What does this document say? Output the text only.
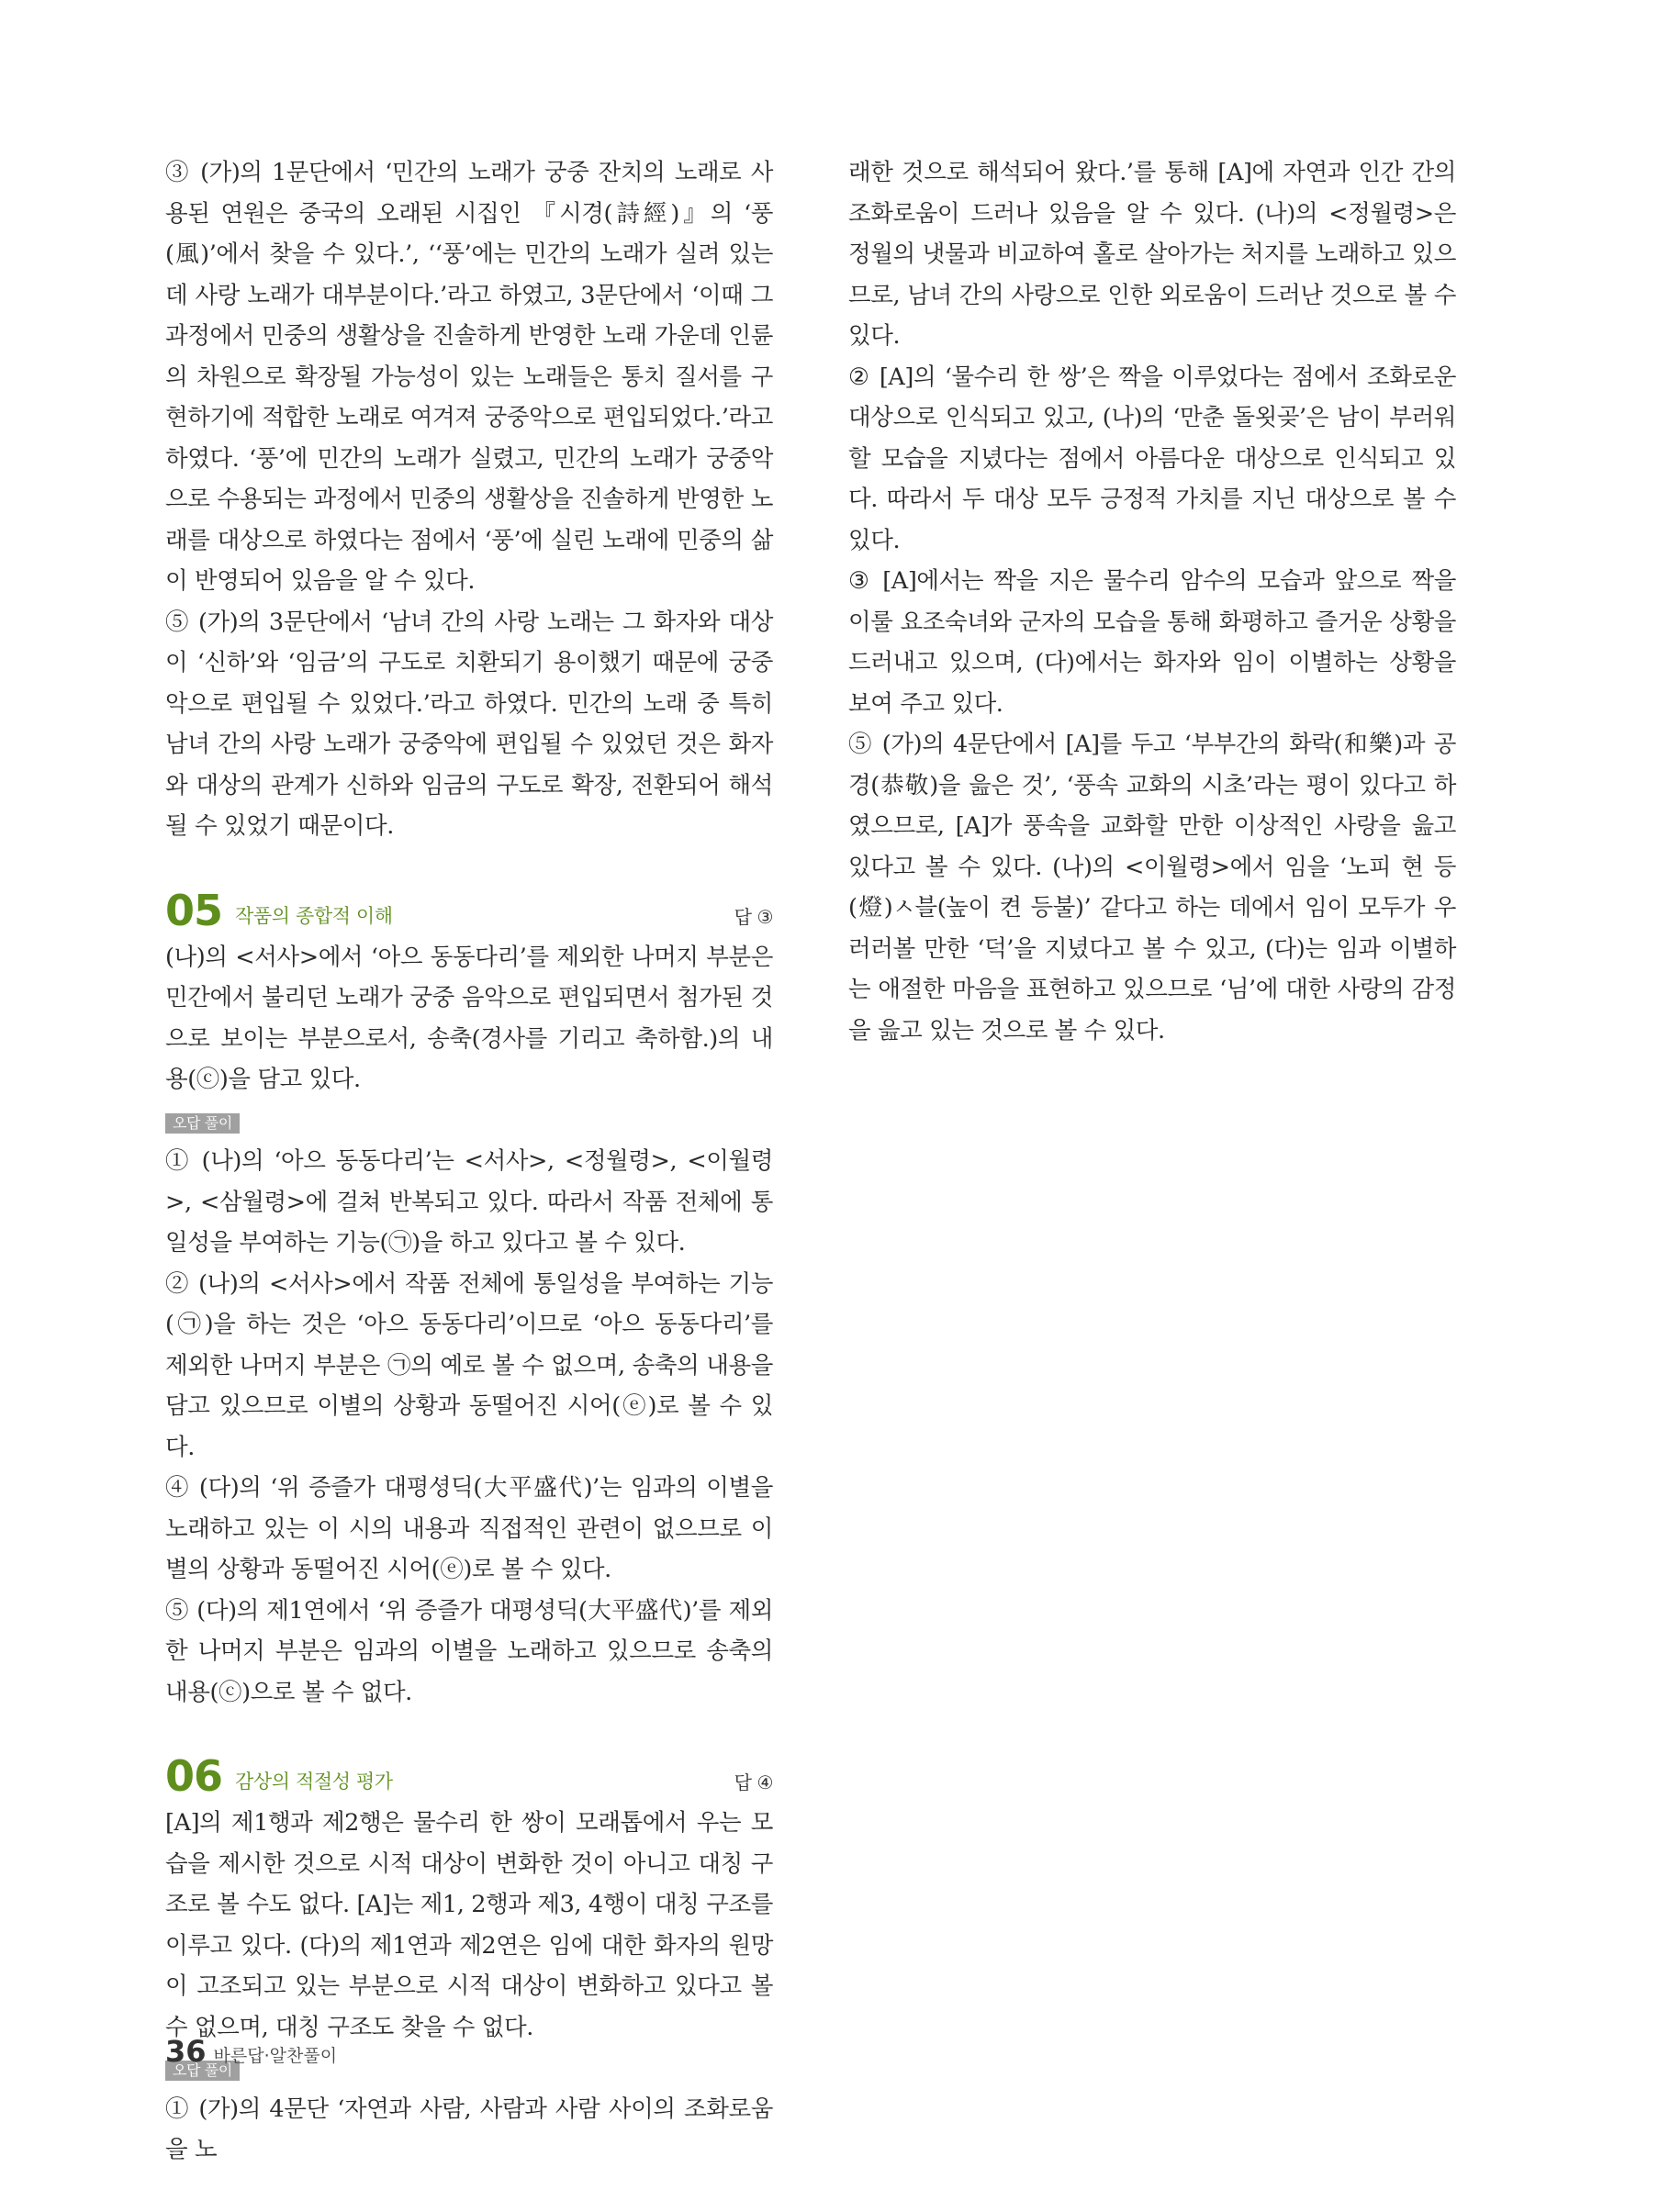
③ (가)의 1문단에서 ‘민간의 노래가 궁중 잔치의 노래로 사용된 연원은 중국의 오래된 시집인 『시경(詩經)』의 ‘풍(風)’에서 찾을 수 있다.’, ‘‘풍’에는 민간의 노래가 실려 있는데 사랑 노래가 대부분이다.’라고 하였고, 3문단에서 ‘이때 그 과정에서 민중의 생활상을 진솔하게 반영한 노래 가운데 인륜의 차원으로 확장될 가능성이 있는 노래들은 통치 질서를 구현하기에 적합한 노래로 여겨져 궁중악으로 편입되었다.’라고 하였다. ‘풍’에 민간의 노래가 실렸고, 민간의 노래가 궁중악으로 수용되는 과정에서 민중의 생활상을 진솔하게 반영한 노래를 대상으로 하였다는 점에서 ‘풍’에 실린 노래에 민중의 삶이 반영되어 있음을 알 수 있다.

⑤ (가)의 3문단에서 ‘남녀 간의 사랑 노래는 그 화자와 대상이 ‘신하’와 ‘임금’의 구도로 치환되기 용이했기 때문에 궁중악으로 편입될 수 있었다.’라고 하였다. 민간의 노래 중 특히 남녀 간의 사랑 노래가 궁중악에 편입될 수 있었던 것은 화자와 대상의 관계가 신하와 임금의 구도로 확장, 전환되어 해석될 수 있었기 때문이다.

05 작품의 종합적 이해	답 ③

(나)의 <서사>에서 ‘아으 동동다리’를 제외한 나머지 부분은 민간에서 불리던 노래가 궁중 음악으로 편입되면서 첨가된 것으로 보이는 부분으로서, 송축(경사를 기리고 축하함.)의 내용(ⓒ)을 담고 있다.

오답 풀이

① (나)의 ‘아으 동동다리’는 <서사>, <정월령>, <이월령>, <삼월령>에 걸쳐 반복되고 있다. 따라서 작품 전체에 통일성을 부여하는 기능(㉠)을 하고 있다고 볼 수 있다.

② (나)의 <서사>에서 작품 전체에 통일성을 부여하는 기능(㉠)을 하는 것은 ‘아으 동동다리’이므로 ‘아으 동동다리’를 제외한 나머지 부분은 ㉠의 예로 볼 수 없으며, 송축의 내용을 담고 있으므로 이별의 상황과 동떨어진 시어(ⓔ)로 볼 수 있다.

④ (다)의 ‘위 증즐가 대평셩딕(大平盛代)’는 임과의 이별을 노래하고 있는 이 시의 내용과 직접적인 관련이 없으므로 이별의 상황과 동떨어진 시어(ⓔ)로 볼 수 있다.

⑤ (다)의 제1연에서 ‘위 증즐가 대평셩딕(大平盛代)’를 제외한 나머지 부분은 임과의 이별을 노래하고 있으므로 송축의 내용(ⓒ)으로 볼 수 없다.

06 감상의 적절성 평가	답 ④

[A]의 제1행과 제2행은 물수리 한 쌍이 모래톱에서 우는 모습을 제시한 것으로 시적 대상이 변화한 것이 아니고 대칭 구조로 볼 수도 없다. [A]는 제1, 2행과 제3, 4행이 대칭 구조를 이루고 있다. (다)의 제1연과 제2연은 임에 대한 화자의 원망이 고조되고 있는 부분으로 시적 대상이 변화하고 있다고 볼 수 없으며, 대칭 구조도 찾을 수 없다.

오답 풀이

① (가)의 4문단 ‘자연과 사람, 사람과 사람 사이의 조화로움을 노

래한 것으로 해석되어 왔다.’를 통해 [A]에 자연과 인간 간의 조화로움이 드러나 있음을 알 수 있다. (나)의 <정월령>은 정월의 냇물과 비교하여 홀로 살아가는 처지를 노래하고 있으므로, 남녀 간의 사랑으로 인한 외로움이 드러난 것으로 볼 수 있다.

② [A]의 ‘물수리 한 쌍’은 짝을 이루었다는 점에서 조화로운 대상으로 인식되고 있고, (나)의 ‘만춘 돌욋곶’은 남이 부러워할 모습을 지녔다는 점에서 아름다운 대상으로 인식되고 있다. 따라서 두 대상 모두 긍정적 가치를 지닌 대상으로 볼 수 있다.

③ [A]에서는 짝을 지은 물수리 암수의 모습과 앞으로 짝을 이룰 요조숙녀와 군자의 모습을 통해 화평하고 즐거운 상황을 드러내고 있으며, (다)에서는 화자와 임이 이별하는 상황을 보여 주고 있다.

⑤ (가)의 4문단에서 [A]를 두고 ‘부부간의 화락(和樂)과 공경(恭敬)을 읊은 것’, ‘풍속 교화의 시초’라는 평이 있다고 하였으므로, [A]가 풍속을 교화할 만한 이상적인 사랑을 읊고 있다고 볼 수 있다. (나)의 <이월령>에서 임을 ‘노피 현 등(燈)ㅅ블(높이 켠 등불)’ 같다고 하는 데에서 임이 모두가 우러러볼 만한 ‘덕’을 지녔다고 볼 수 있고, (다)는 임과 이별하는 애절한 마음을 표현하고 있으므로 ‘님’에 대한 사랑의 감정을 읊고 있는 것으로 볼 수 있다.

36 바른답·알찬풀이
